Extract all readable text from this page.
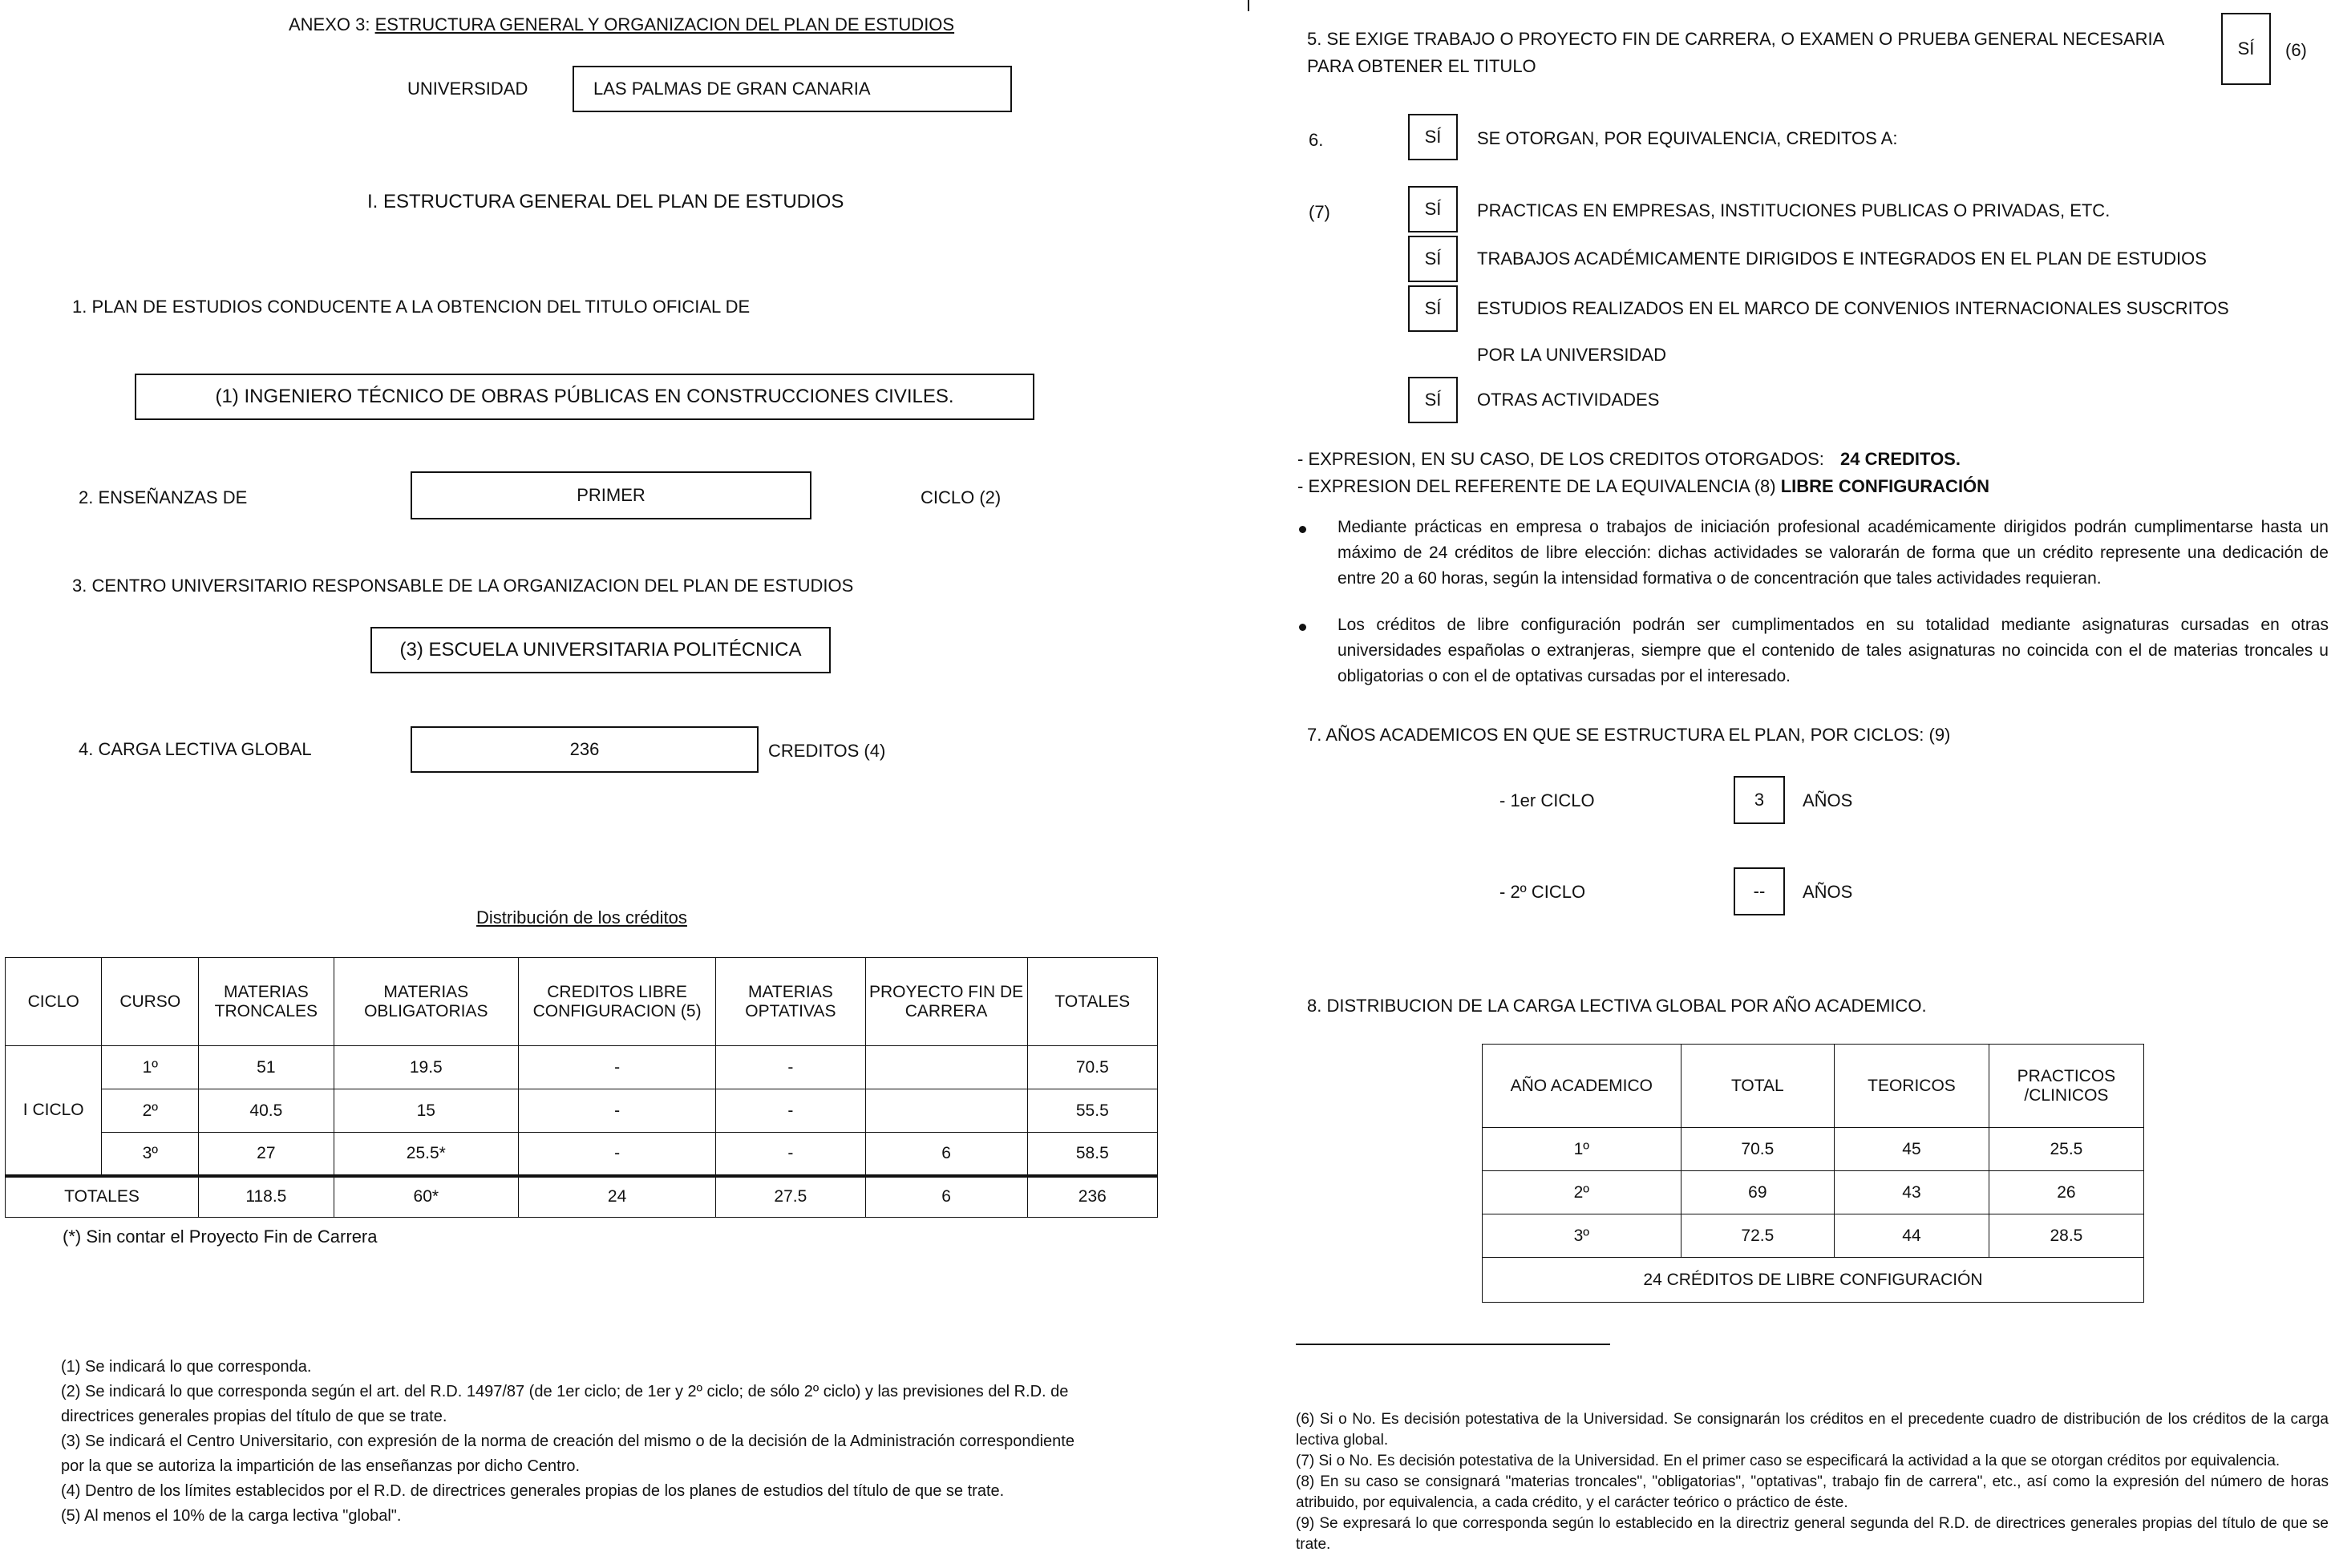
ANEXO 3: ESTRUCTURA GENERAL Y ORGANIZACION DEL PLAN DE ESTUDIOS
UNIVERSIDAD	LAS PALMAS DE GRAN CANARIA
I. ESTRUCTURA GENERAL DEL PLAN DE ESTUDIOS
1. PLAN DE ESTUDIOS CONDUCENTE A LA OBTENCION DEL TITULO OFICIAL DE
(1) INGENIERO TÉCNICO DE OBRAS PÚBLICAS EN CONSTRUCCIONES CIVILES.
2. ENSEÑANZAS DE	PRIMER	CICLO (2)
3. CENTRO UNIVERSITARIO RESPONSABLE DE LA ORGANIZACION DEL PLAN DE ESTUDIOS
(3) ESCUELA UNIVERSITARIA POLITÉCNICA
4. CARGA LECTIVA GLOBAL	236	CREDITOS (4)
Distribución de los créditos
CICLO	CURSO	MATERIAS TRONCALES	MATERIAS OBLIGATORIAS	CREDITOS LIBRE CONFIGURACION (5)	MATERIAS OPTATIVAS	PROYECTO FIN DE CARRERA	TOTALES
I CICLO	1º	51	19.5	-	-		70.5
	2º	40.5	15	-	-		55.5
	3º	27	25.5*	-	-	6	58.5
TOTALES		118.5	60*	24	27.5	6	236
(*) Sin contar el Proyecto Fin de Carrera
(1) Se indicará lo que corresponda.
(2) Se indicará lo que corresponda según el art. del R.D. 1497/87 (de 1er ciclo; de 1er y 2º ciclo; de sólo 2º ciclo) y las previsiones del R.D. de directrices generales propias del título de que se trate.
(3) Se indicará el Centro Universitario, con expresión de la norma de creación del mismo o de la decisión de la Administración correspondiente por la que se autoriza la impartición de las enseñanzas por dicho Centro.
(4) Dentro de los límites establecidos por el R.D. de directrices generales propias de los planes de estudios del título de que se trate.
(5) Al menos el 10% de la carga lectiva "global".
5. SE EXIGE TRABAJO O PROYECTO FIN DE CARRERA, O EXAMEN O PRUEBA GENERAL NECESARIA PARA OBTENER EL TITULO
SÍ (6)
6.	SÍ SE OTORGAN, POR EQUIVALENCIA, CREDITOS A:
(7)	SÍ PRACTICAS EN EMPRESAS, INSTITUCIONES PUBLICAS O PRIVADAS, ETC.
SÍ TRABAJOS ACADÉMICAMENTE DIRIGIDOS E INTEGRADOS EN EL PLAN DE ESTUDIOS
SÍ ESTUDIOS REALIZADOS EN EL MARCO DE CONVENIOS INTERNACIONALES SUSCRITOS
POR LA UNIVERSIDAD
SÍ OTRAS ACTIVIDADES
- EXPRESION, EN SU CASO, DE LOS CREDITOS OTORGADOS: 24 CREDITOS.
- EXPRESION DEL REFERENTE DE LA EQUIVALENCIA (8) LIBRE CONFIGURACIÓN
Mediante prácticas en empresa o trabajos de iniciación profesional académicamente dirigidos podrán cumplimentarse hasta un máximo de 24 créditos de libre elección: dichas actividades se valorarán de forma que un crédito represente una dedicación de entre 20 a 60 horas, según la intensidad formativa o de concentración que tales actividades requieran.
Los créditos de libre configuración podrán ser cumplimentados en su totalidad mediante asignaturas cursadas en otras universidades españolas o extranjeras, siempre que el contenido de tales asignaturas no coincida con el de materias troncales u obligatorias o con el de optativas cursadas por el interesado.
7. AÑOS ACADEMICOS EN QUE SE ESTRUCTURA EL PLAN, POR CICLOS: (9)
- 1er CICLO	3 AÑOS
- 2º CICLO	-- AÑOS
8. DISTRIBUCION DE LA CARGA LECTIVA GLOBAL POR AÑO ACADEMICO.
AÑO ACADEMICO	TOTAL	TEORICOS	PRACTICOS /CLINICOS
1º	70.5	45	25.5
2º	69	43	26
3º	72.5	44	28.5
24 CRÉDITOS DE LIBRE CONFIGURACIÓN			
(6) Si o No. Es decisión potestativa de la Universidad. Se consignarán los créditos en el precedente cuadro de distribución de los créditos de la carga lectiva global.
(7) Si o No. Es decisión potestativa de la Universidad. En el primer caso se especificará la actividad a la que se otorgan créditos por equivalencia.
(8) En su caso se consignará "materias troncales", "obligatorias", "optativas", trabajo fin de carrera", etc., así como la expresión del número de horas atribuido, por equivalencia, a cada crédito, y el carácter teórico o práctico de éste.
(9) Se expresará lo que corresponda según lo establecido en la directriz general segunda del R.D. de directrices generales propias del título de que se trate.
